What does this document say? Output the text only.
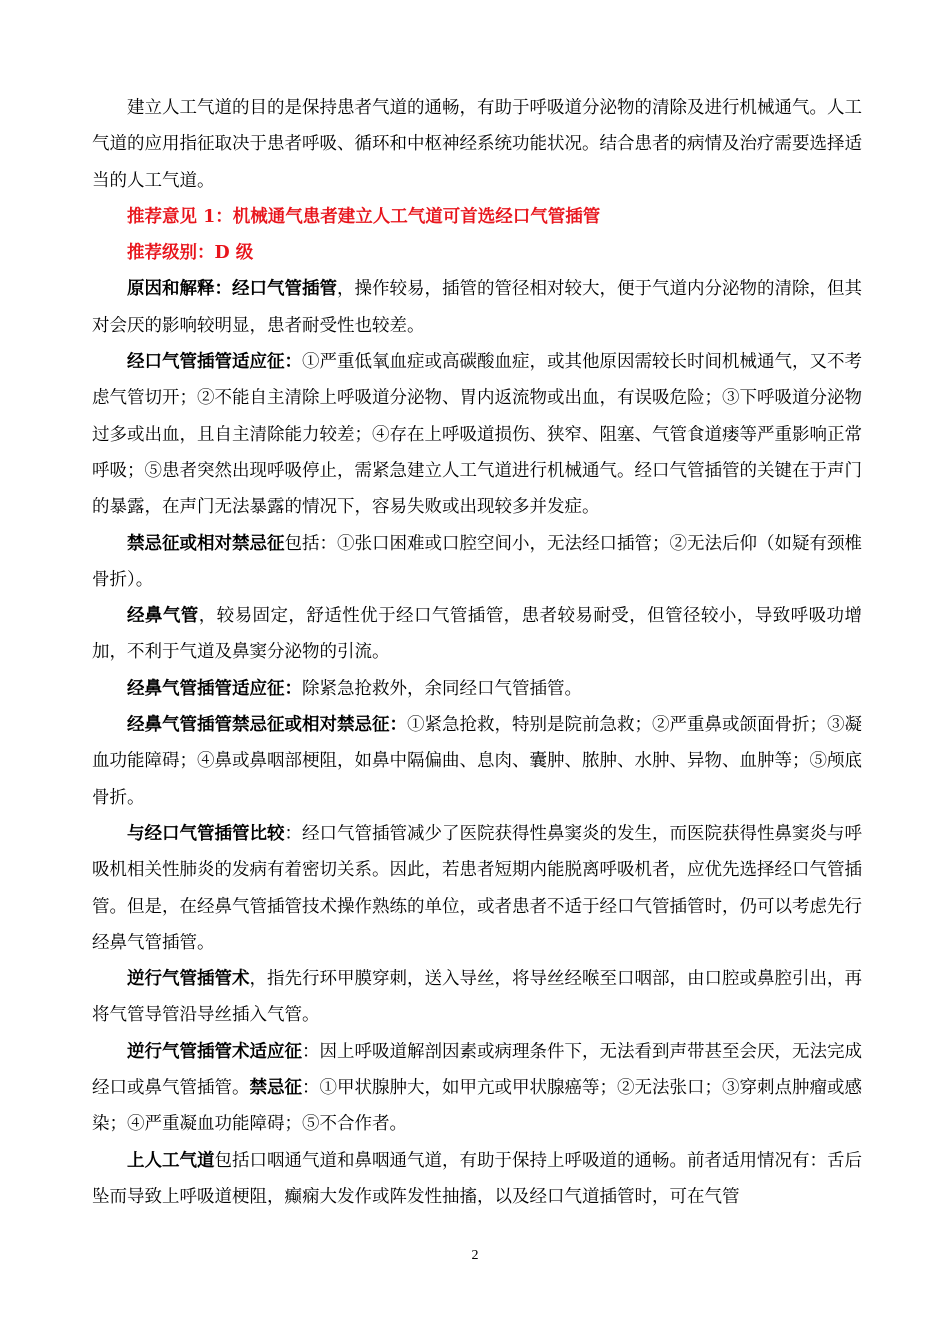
建立人工气道的目的是保持患者气道的通畅，有助于呼吸道分泌物的清除及进行机械通气。人工气道的应用指征取决于患者呼吸、循环和中枢神经系统功能状况。结合患者的病情及治疗需要选择适当的人工气道。

推荐意见 1：机械通气患者建立人工气道可首选经口气管插管

推荐级别：D 级

原因和解释：经口气管插管，操作较易，插管的管径相对较大，便于气道内分泌物的清除，但其对会厌的影响较明显，患者耐受性也较差。

经口气管插管适应征：①严重低氧血症或高碳酸血症，或其他原因需较长时间机械通气，又不考虑气管切开；②不能自主清除上呼吸道分泌物、胃内返流物或出血，有误吸危险；③下呼吸道分泌物过多或出血，且自主清除能力较差；④存在上呼吸道损伤、狭窄、阻塞、气管食道瘘等严重影响正常呼吸；⑤患者突然出现呼吸停止，需紧急建立人工气道进行机械通气。经口气管插管的关键在于声门的暴露，在声门无法暴露的情况下，容易失败或出现较多并发症。

禁忌征或相对禁忌征包括：①张口困难或口腔空间小，无法经口插管；②无法后仰（如疑有颈椎骨折）。

经鼻气管，较易固定，舒适性优于经口气管插管，患者较易耐受，但管径较小，导致呼吸功增加，不利于气道及鼻窦分泌物的引流。

经鼻气管插管适应征：除紧急抢救外，余同经口气管插管。

经鼻气管插管禁忌征或相对禁忌征：①紧急抢救，特别是院前急救；②严重鼻或颌面骨折；③凝血功能障碍；④鼻或鼻咽部梗阻，如鼻中隔偏曲、息肉、囊肿、脓肿、水肿、异物、血肿等；⑤颅底骨折。

与经口气管插管比较：经口气管插管减少了医院获得性鼻窦炎的发生，而医院获得性鼻窦炎与呼吸机相关性肺炎的发病有着密切关系。因此，若患者短期内能脱离呼吸机者，应优先选择经口气管插管。但是，在经鼻气管插管技术操作熟练的单位，或者患者不适于经口气管插管时，仍可以考虑先行经鼻气管插管。

逆行气管插管术，指先行环甲膜穿刺，送入导丝，将导丝经喉至口咽部，由口腔或鼻腔引出，再将气管导管沿导丝插入气管。

逆行气管插管术适应征：因上呼吸道解剖因素或病理条件下，无法看到声带甚至会厌，无法完成经口或鼻气管插管。禁忌征：①甲状腺肿大，如甲亢或甲状腺癌等；②无法张口；③穿刺点肿瘤或感染；④严重凝血功能障碍；⑤不合作者。

上人工气道包括口咽通气道和鼻咽通气道，有助于保持上呼吸道的通畅。前者适用情况有：舌后坠而导致上呼吸道梗阻，癫痫大发作或阵发性抽搐，以及经口气道插管时，可在气管

2
